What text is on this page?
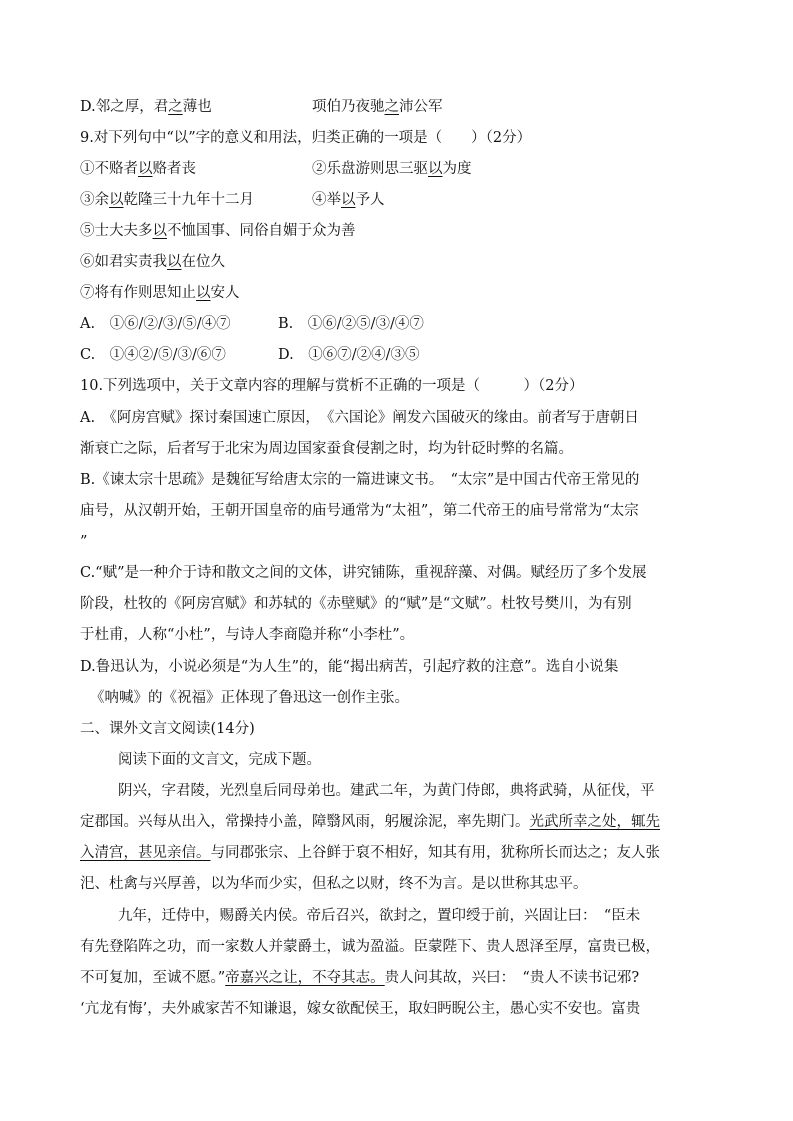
D.邻之厚，君之薄也	项伯乃夜驰之沛公军
9.对下列句中“以”字的意义和用法，归类正确的一项是（　　）（2分）
①不赂者以赂者丧	②乐盘游则思三驱以为度
③余以乾隆三十九年十二月	④举以予人
⑤士大夫多以不恤国事、同俗自媚于众为善
⑥如君实责我以在位久
⑦将有作则思知止以安人
A.　①⑥/②/③/⑤/④⑦	B.　①⑥/②⑤/③/④⑦
C.　①④②/⑤/③/⑥⑦	D.　①⑥⑦/②④/③⑤
10.下列选项中，关于文章内容的理解与赏析不正确的一项是（　　　）（2分）
A.　《阿房宫赋》探讨秦国速亡原因，　《六国论》阐发六国破灭的缘由。前者写于唐朝日
渐衰亡之际，后者写于北宋为周边国家蚕食侵割之时，均为针砭时弊的名篇。
B.《谏太宗十思疏》是魏征写给唐太宗的一篇进谏文书。　“太宗”是中国古代帝王常见的
庙号，从汉朝开始，王朝开国皇帝的庙号通常为“太祖”，第二代帝王的庙号常常为“太宗
”
C.“赋”是一种介于诗和散文之间的文体，讲究铺陈，重视辞藻、对偶。赋经历了多个发展
阶段，杜牧的《阿房宫赋》和苏轼的《赤壁赋》的“赋”是“文赋”。杜牧号樊川，为有别
于杜甫，人称“小杜”，与诗人李商隐并称“小李杜”。
D.鲁迅认为，小说必须是“为人生”的，能“揭出病苦，引起疗救的注意”。选自小说集
《呐喊》的《祝福》正体现了鲁迅这一创作主张。
二、课外文言文阅读(14分)
阅读下面的文言文，完成下题。
阴兴，字君陵，光烈皇后同母弟也。建武二年，为黄门侍郎，典将武骑，从征伐，平
定郡国。兴每从出入，常操持小盖，障翳风雨，躬履涂泥，率先期门。光武所幸之处，辄先
入清宫，甚见亲信。与同郡张宗、上谷鲜于裒不相好，知其有用，犹称所长而达之；友人张
汜、杜禽与兴厚善，以为华而少实，但私之以财，终不为言。是以世称其忠平。
九年，迁侍中，赐爵关内侯。帝后召兴，欲封之，置印绶于前，兴固让曰：　“臣未
有先登陷阵之功，而一家数人并蒙爵土，诚为盈溢。臣蒙陛下、贵人恩泽至厚，富贵已极，
不可复加，至诚不愿。”帝嘉兴之让，不夺其志。贵人问其故，兴曰：　“贵人不读书记邪?
‘亢龙有悔’，夫外戚家苦不知谦退，嫁女欲配侯王，取妇眄睨公主，愚心实不安也。富贵
